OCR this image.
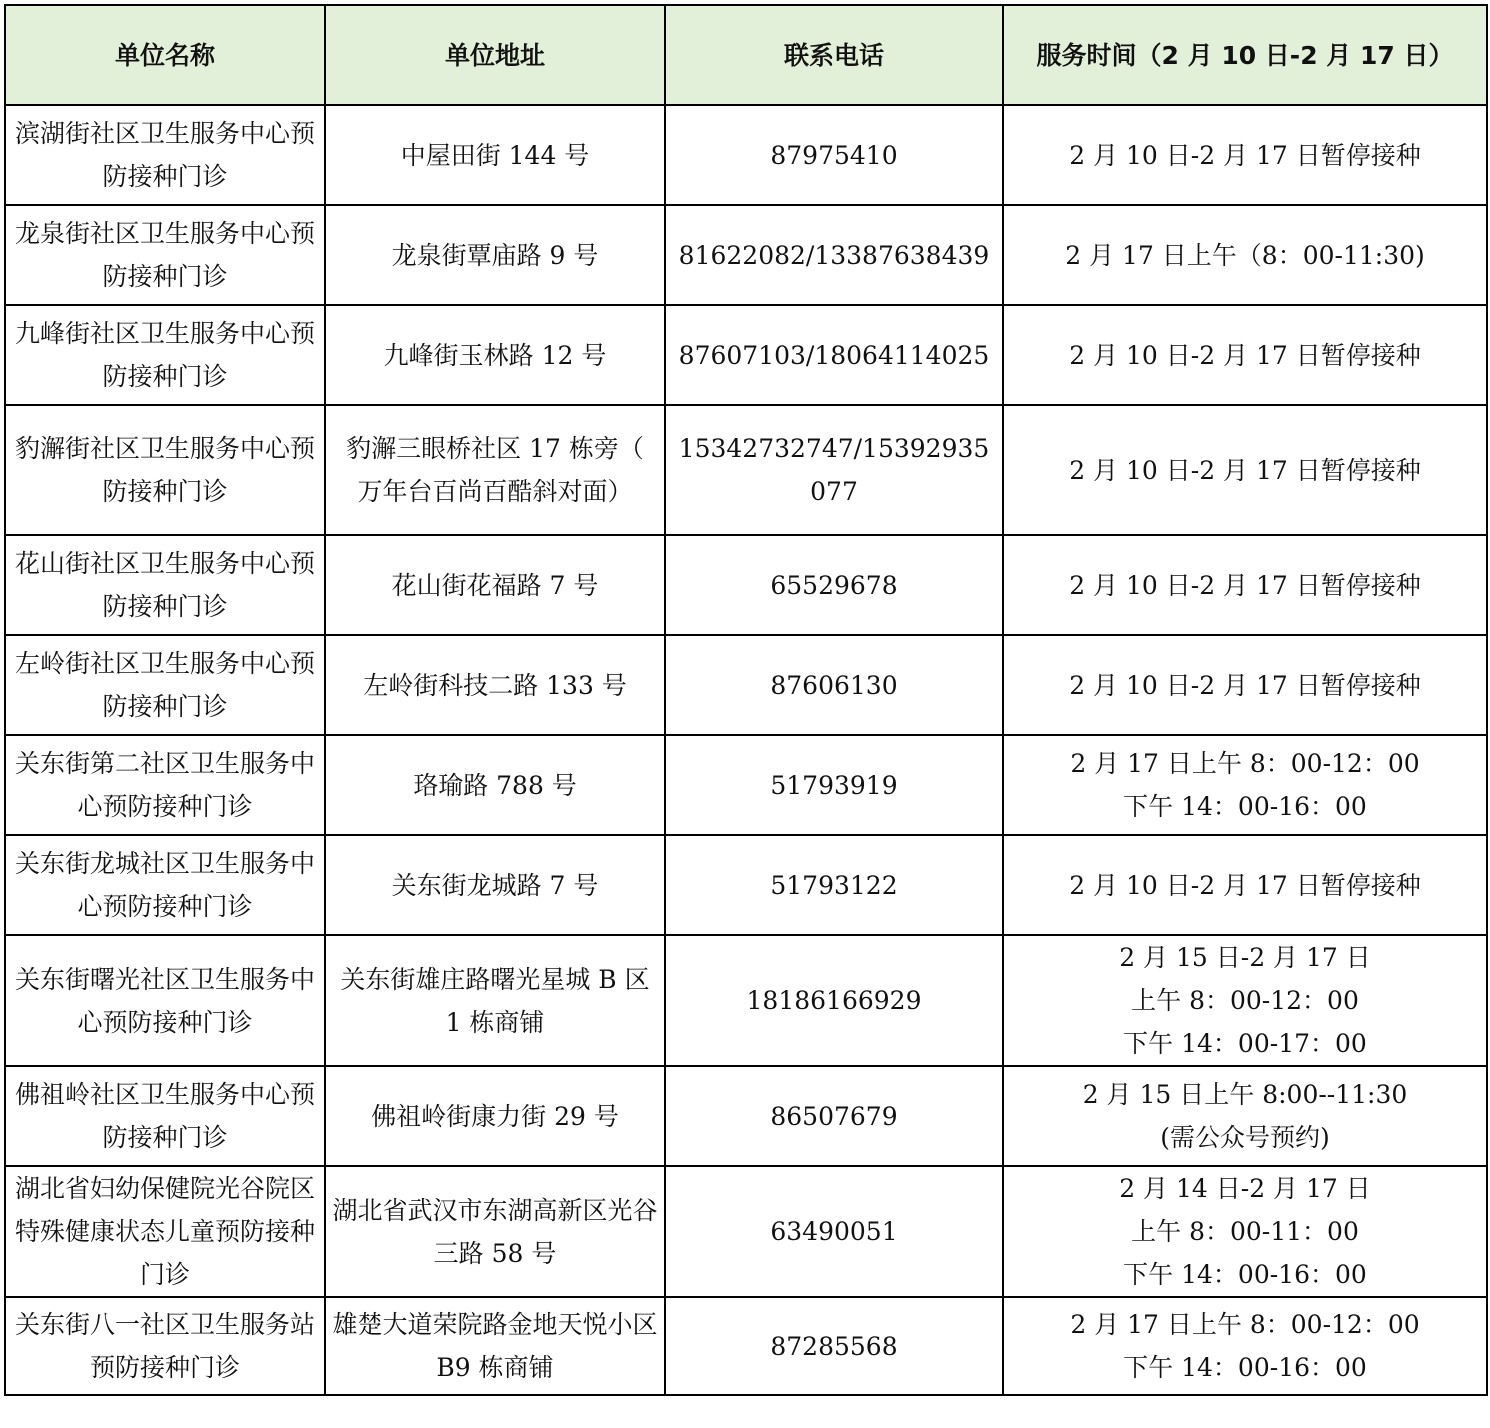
单位名称	单位地址	联系电话	服务时间（2 月 10 日-2 月 17 日）
滨湖街社区卫生服务中心预防接种门诊	中屋田街 144 号	87975410	2 月 10 日-2 月 17 日暂停接种

龙泉街社区卫生服务中心预防接种门诊	龙泉街覃庙路 9 号	81622082/13387638439	2 月 17 日上午（8：00-11:30)

九峰街社区卫生服务中心预防接种门诊	九峰街玉林路 12 号	87607103/18064114025	2 月 10 日-2 月 17 日暂停接种

豹澥街社区卫生服务中心预防接种门诊	豹澥三眼桥社区 17 栋旁（ 万年台百尚百酷斜对面）	15342732747/15392935077	2 月 10 日-2 月 17 日暂停接种

花山街社区卫生服务中心预防接种门诊	花山街花福路 7 号	65529678	2 月 10 日-2 月 17 日暂停接种

左岭街社区卫生服务中心预防接种门诊	左岭街科技二路 133 号	87606130	2 月 10 日-2 月 17 日暂停接种

关东街第二社区卫生服务中心预防接种门诊	珞瑜路 788 号	51793919	2 月 17 日上午 8：00-12：00
下午 14：00-16：00

关东街龙城社区卫生服务中心预防接种门诊	关东街龙城路 7 号	51793122	2 月 10 日-2 月 17 日暂停接种

关东街曙光社区卫生服务中心预防接种门诊	关东街雄庄路曙光星城 B 区 1 栋商铺	18186166929	2 月 15 日-2 月 17 日
上午 8：00-12：00
下午 14：00-17：00

佛祖岭社区卫生服务中心预防接种门诊	佛祖岭街康力街 29 号	86507679	2 月 15 日上午 8:00--11:30
(需公众号预约)

湖北省妇幼保健院光谷院区特殊健康状态儿童预防接种门诊	湖北省武汉市东湖高新区光谷三路 58 号	63490051	2 月 14 日-2 月 17 日
上午 8：00-11：00
下午 14：00-16：00

关东街八一社区卫生服务站预防接种门诊	雄楚大道荣院路金地天悦小区 B9 栋商铺	87285568	2 月 17 日上午 8：00-12：00
下午 14：00-16：00
